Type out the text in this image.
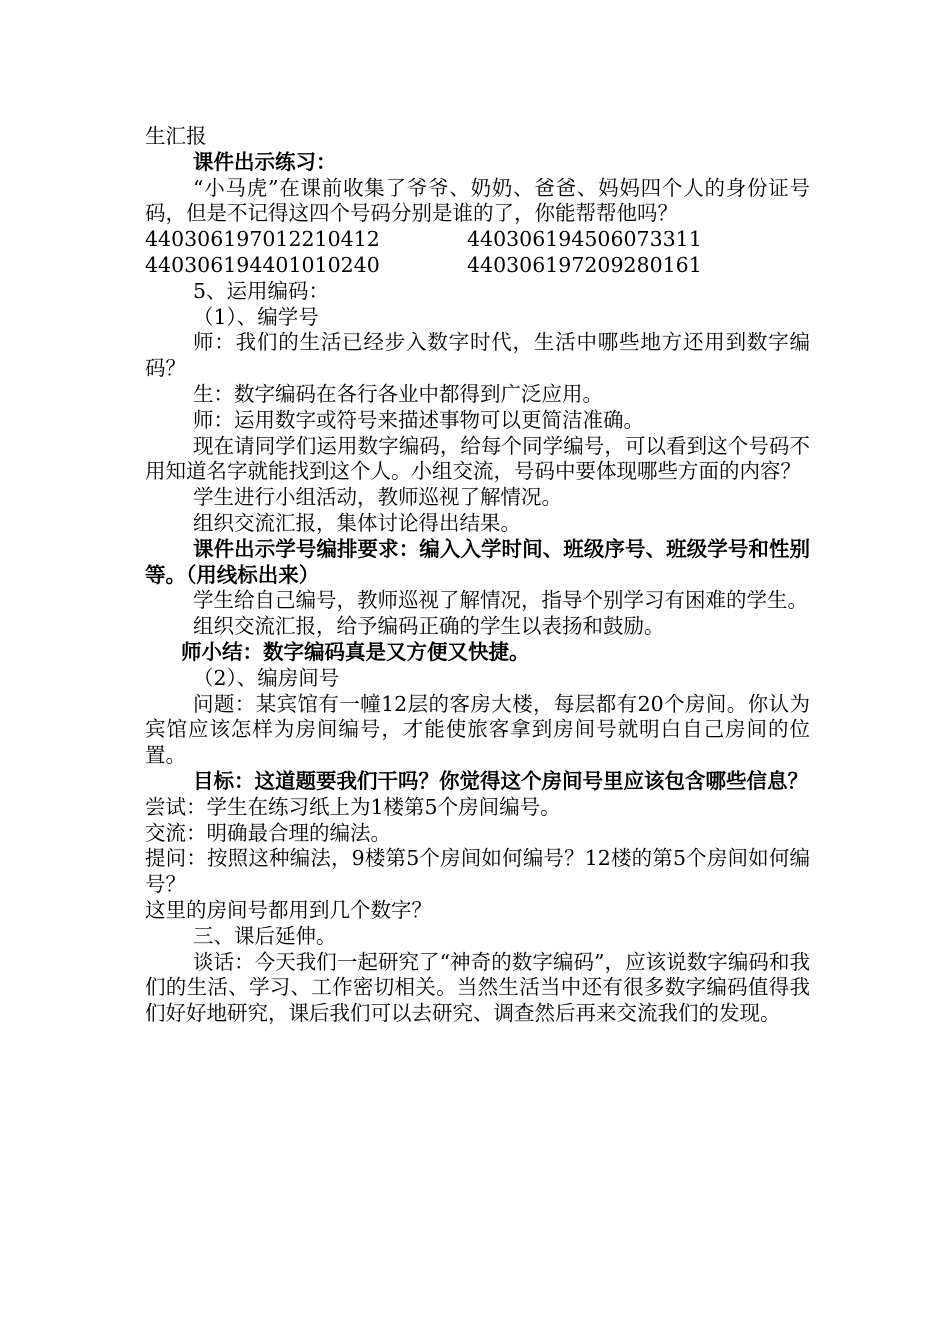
生汇报

课件出示练习：

“小马虎”在课前收集了爷爷、奶奶、爸爸、妈妈四个人的身份证号码，但是不记得这四个号码分别是谁的了，你能帮帮他吗？

440306197012210412	440306194506073311
440306194401010240	440306197209280161

5、运用编码：

（1）、编学号

师：我们的生活已经步入数字时代，生活中哪些地方还用到数字编码？

生：数字编码在各行各业中都得到广泛应用。

师：运用数字或符号来描述事物可以更简洁准确。

现在请同学们运用数字编码，给每个同学编号，可以看到这个号码不用知道名字就能找到这个人。小组交流，号码中要体现哪些方面的内容？

学生进行小组活动，教师巡视了解情况。

组织交流汇报，集体讨论得出结果。

课件出示学号编排要求：编入入学时间、班级序号、班级学号和性别等。（用线标出来）

学生给自己编号，教师巡视了解情况，指导个别学习有困难的学生。

组织交流汇报，给予编码正确的学生以表扬和鼓励。

师小结：数字编码真是又方便又快捷。

（2）、编房间号

问题：某宾馆有一幢12层的客房大楼，每层都有20个房间。你认为宾馆应该怎样为房间编号，才能使旅客拿到房间号就明白自己房间的位置。

目标：这道题要我们干吗？你觉得这个房间号里应该包含哪些信息？

尝试：学生在练习纸上为1楼第5个房间编号。

交流：明确最合理的编法。

提问：按照这种编法，9楼第5个房间如何编号？12楼的第5个房间如何编号？

这里的房间号都用到几个数字？

三、课后延伸。

谈话：今天我们一起研究了“神奇的数字编码”，应该说数字编码和我们的生活、学习、工作密切相关。当然生活当中还有很多数字编码值得我们好好地研究，课后我们可以去研究、调查然后再来交流我们的发现。
